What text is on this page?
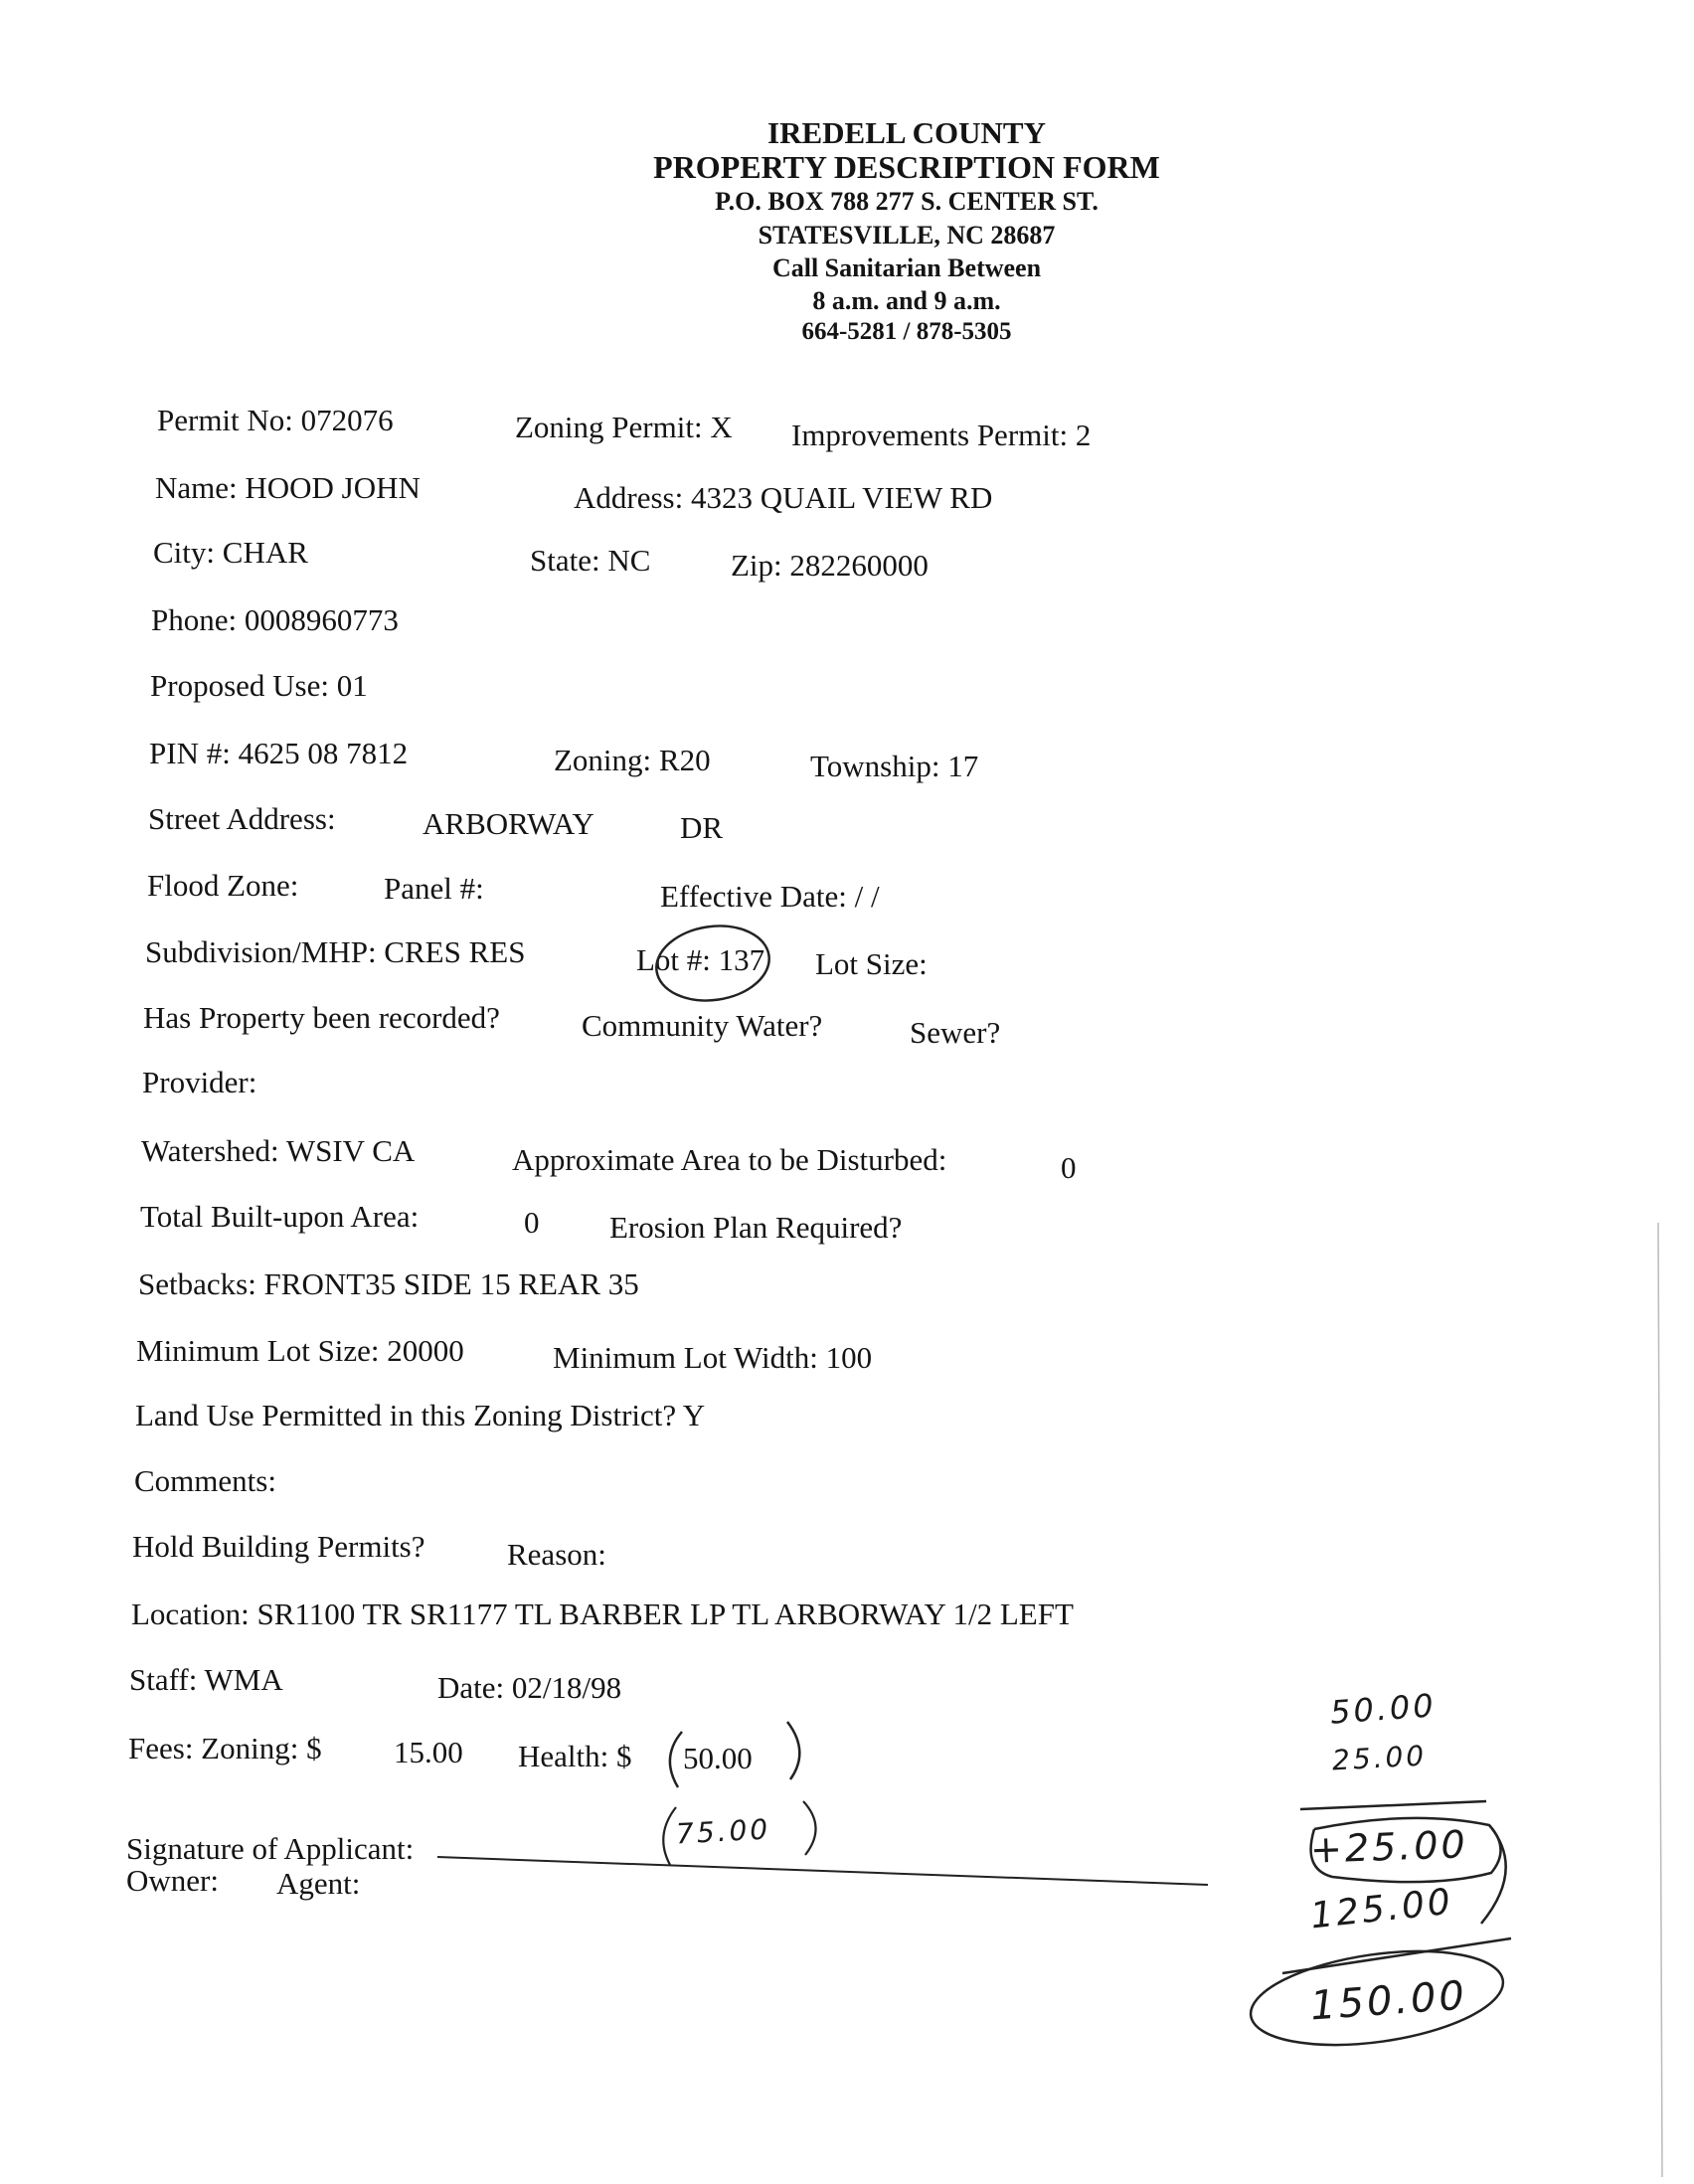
IREDELL COUNTY
PROPERTY DESCRIPTION FORM
P.O. BOX 788 277 S. CENTER ST.
STATESVILLE, NC 28687
Call Sanitarian Between
8 a.m. and 9 a.m.
664-5281 / 878-5305
Permit No: 072076	Zoning Permit: X Improvements Permit: 2
Name: HOOD JOHN	Address: 4323 QUAIL VIEW RD
City: CHAR	State: NC	Zip: 282260000
Phone: 0008960773
Proposed Use: 01
PIN #: 4625 08 7812	Zoning: R20	Township: 17
Street Address:	ARBORWAY	DR
Flood Zone:	Panel #:	Effective Date: / /
Subdivision/MHP: CRES RES	Lot #: 137 Lot Size:
Has Property been recorded?	Community Water?	Sewer?
Provider:
Watershed: WSIV CA	Approximate Area to be Disturbed:	0
Total Built-upon Area:	0 Erosion Plan Required?
Setbacks: FRONT35 SIDE 15 REAR 35
Minimum Lot Size: 20000	Minimum Lot Width: 100
Land Use Permitted in this Zoning District? Y
Comments:
Hold Building Permits?	Reason:
Location: SR1100 TR SR1177 TL BARBER LP TL ARBORWAY 1/2 LEFT
Staff: WMA	Date: 02/18/98
Fees: Zoning: $ 15.00 Health: $ 50.00
Signature of Applicant:
Owner: Agent:
75.00
50.00
25.00
+25.00
125.00
150.00
